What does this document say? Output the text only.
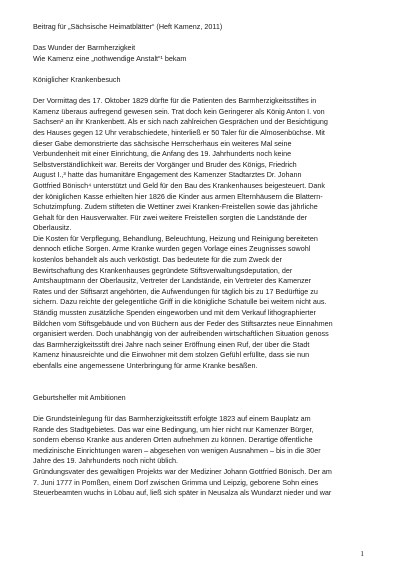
Beitrag für „Sächsische Heimatblätter“ (Heft Kamenz, 2011)
Das Wunder der Barmherzigkeit
Wie Kamenz eine „nothwendige Anstalt“¹ bekam
Königlicher Krankenbesuch
Der Vormittag des 17. Oktober 1829 dürfte für die Patienten des Barmherzigkeitsstiftes in
Kamenz überaus aufregend gewesen sein. Trat doch kein Geringerer als König Anton I. von
Sachsen² an ihr Krankenbett. Als er sich nach zahlreichen Gesprächen und der Besichtigung
des Hauses gegen 12 Uhr verabschiedete, hinterließ er 50 Taler für die Almosenbüchse. Mit
dieser Gabe demonstrierte das sächsische Herrscherhaus ein weiteres Mal seine
Verbundenheit mit einer Einrichtung, die Anfang des 19. Jahrhunderts noch keine
Selbstverständlichkeit war. Bereits der Vorgänger und Bruder des Königs, Friedrich
August I.,³ hatte das humanitäre Engagement des Kamenzer Stadtarztes Dr. Johann
Gottfried Bönisch⁴ unterstützt und Geld für den Bau des Krankenhauses beigesteuert. Dank
der königlichen Kasse erhielten hier 1826 die Kinder aus armen Elternhäusern die Blattern-
Schutzimpfung. Zudem stifteten die Wettiner zwei Kranken-Freistellen sowie das jährliche
Gehalt für den Hausverwalter. Für zwei weitere Freistellen sorgten die Landstände der
Oberlausitz.
Die Kosten für Verpflegung, Behandlung, Beleuchtung, Heizung und Reinigung bereiteten
dennoch etliche Sorgen. Arme Kranke wurden gegen Vorlage eines Zeugnisses sowohl
kostenlos behandelt als auch verköstigt. Das bedeutete für die zum Zweck der
Bewirtschaftung des Krankenhauses gegründete Stiftsverwaltungsdeputation, der
Amtshauptmann der Oberlausitz, Vertreter der Landstände, ein Vertreter des Kamenzer
Rates und der Stiftsarzt angehörten, die Aufwendungen für täglich bis zu 17 Bedürftige zu
sichern. Dazu reichte der gelegentliche Griff in die königliche Schatulle bei weitem nicht aus.
Ständig mussten zusätzliche Spenden eingeworben und mit dem Verkauf lithographierter
Bildchen vom Stiftsgebäude und von Büchern aus der Feder des Stiftsarztes neue Einnahmen
organisiert werden. Doch unabhängig von der aufreibenden wirtschaftlichen Situation genoss
das Barmherzigkeitsstift drei Jahre nach seiner Eröffnung einen Ruf, der über die Stadt
Kamenz hinausreichte und die Einwohner mit dem stolzen Gefühl erfüllte, dass sie nun
ebenfalls eine angemessene Unterbringung für arme Kranke besäßen.
Geburtshelfer mit Ambitionen
Die Grundsteinlegung für das Barmherzigkeitsstift erfolgte 1823 auf einem Bauplatz am
Rande des Stadtgebietes. Das war eine Bedingung, um hier nicht nur Kamenzer Bürger,
sondern ebenso Kranke aus anderen Orten aufnehmen zu können. Derartige öffentliche
medizinische Einrichtungen waren – abgesehen von wenigen Ausnahmen – bis in die 30er
Jahre des 19. Jahrhunderts noch nicht üblich.
Gründungsvater des gewaltigen Projekts war der Mediziner Johann Gottfried Bönisch. Der am
7. Juni 1777 in Pomßen, einem Dorf zwischen Grimma und Leipzig, geborene Sohn eines
Steuerbeamten wuchs in Löbau auf, ließ sich später in Neusalza als Wundarzt nieder und war
1
